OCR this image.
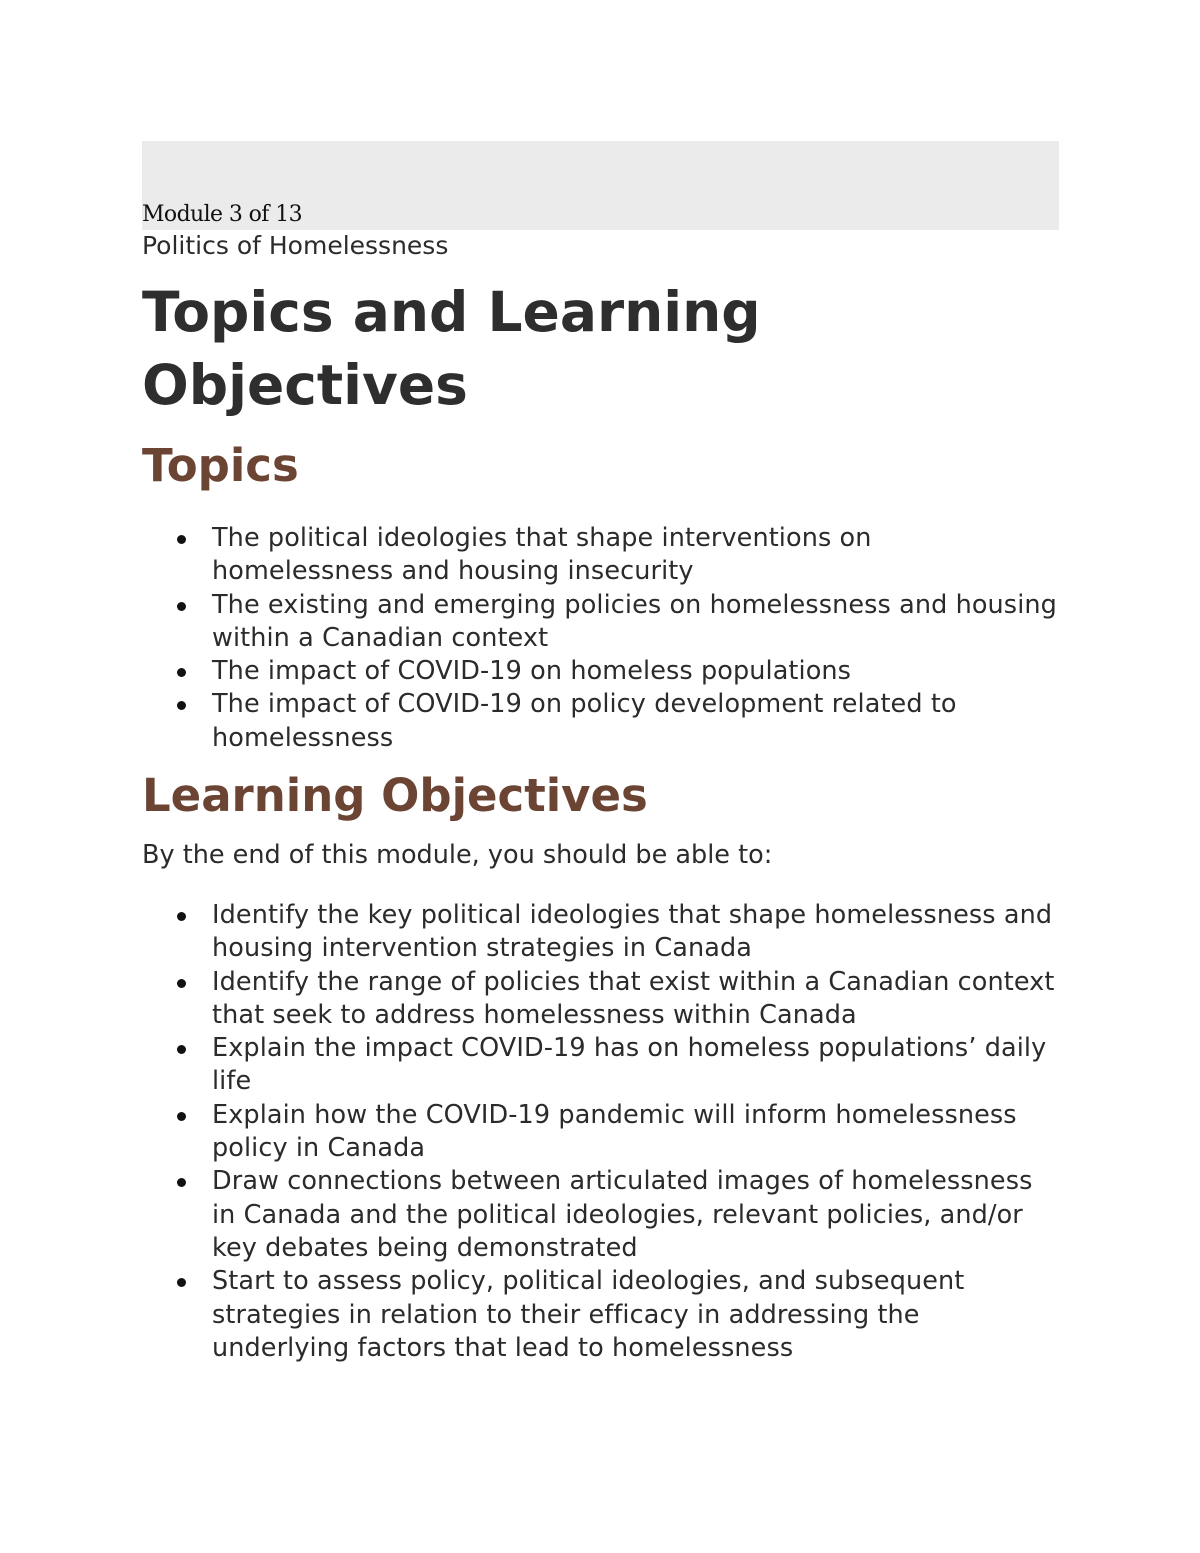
Module 3 of 13
Politics of Homelessness
Topics and Learning Objectives
Topics
The political ideologies that shape interventions on homelessness and housing insecurity
The existing and emerging policies on homelessness and housing within a Canadian context
The impact of COVID-19 on homeless populations
The impact of COVID-19 on policy development related to homelessness
Learning Objectives
By the end of this module, you should be able to:
Identify the key political ideologies that shape homelessness and housing intervention strategies in Canada
Identify the range of policies that exist within a Canadian context that seek to address homelessness within Canada
Explain the impact COVID-19 has on homeless populations’ daily life
Explain how the COVID-19 pandemic will inform homelessness policy in Canada
Draw connections between articulated images of homelessness in Canada and the political ideologies, relevant policies, and/or key debates being demonstrated
Start to assess policy, political ideologies, and subsequent strategies in relation to their efficacy in addressing the underlying factors that lead to homelessness
